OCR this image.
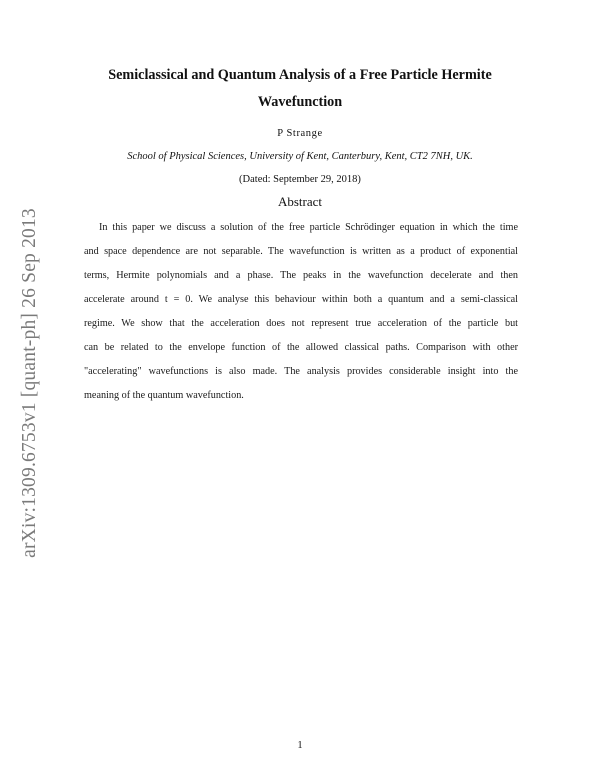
arXiv:1309.6753v1 [quant-ph] 26 Sep 2013
Semiclassical and Quantum Analysis of a Free Particle Hermite
Wavefunction
P Strange
School of Physical Sciences, University of Kent, Canterbury, Kent, CT2 7NH, UK.
(Dated: September 29, 2018)
Abstract
In this paper we discuss a solution of the free particle Schrödinger equation in which the time
and space dependence are not separable. The wavefunction is written as a product of exponential
terms, Hermite polynomials and a phase. The peaks in the wavefunction decelerate and then
accelerate around t = 0. We analyse this behaviour within both a quantum and a semi-classical
regime. We show that the acceleration does not represent true acceleration of the particle but
can be related to the envelope function of the allowed classical paths. Comparison with other
"accelerating" wavefunctions is also made. The analysis provides considerable insight into the
meaning of the quantum wavefunction.
1
